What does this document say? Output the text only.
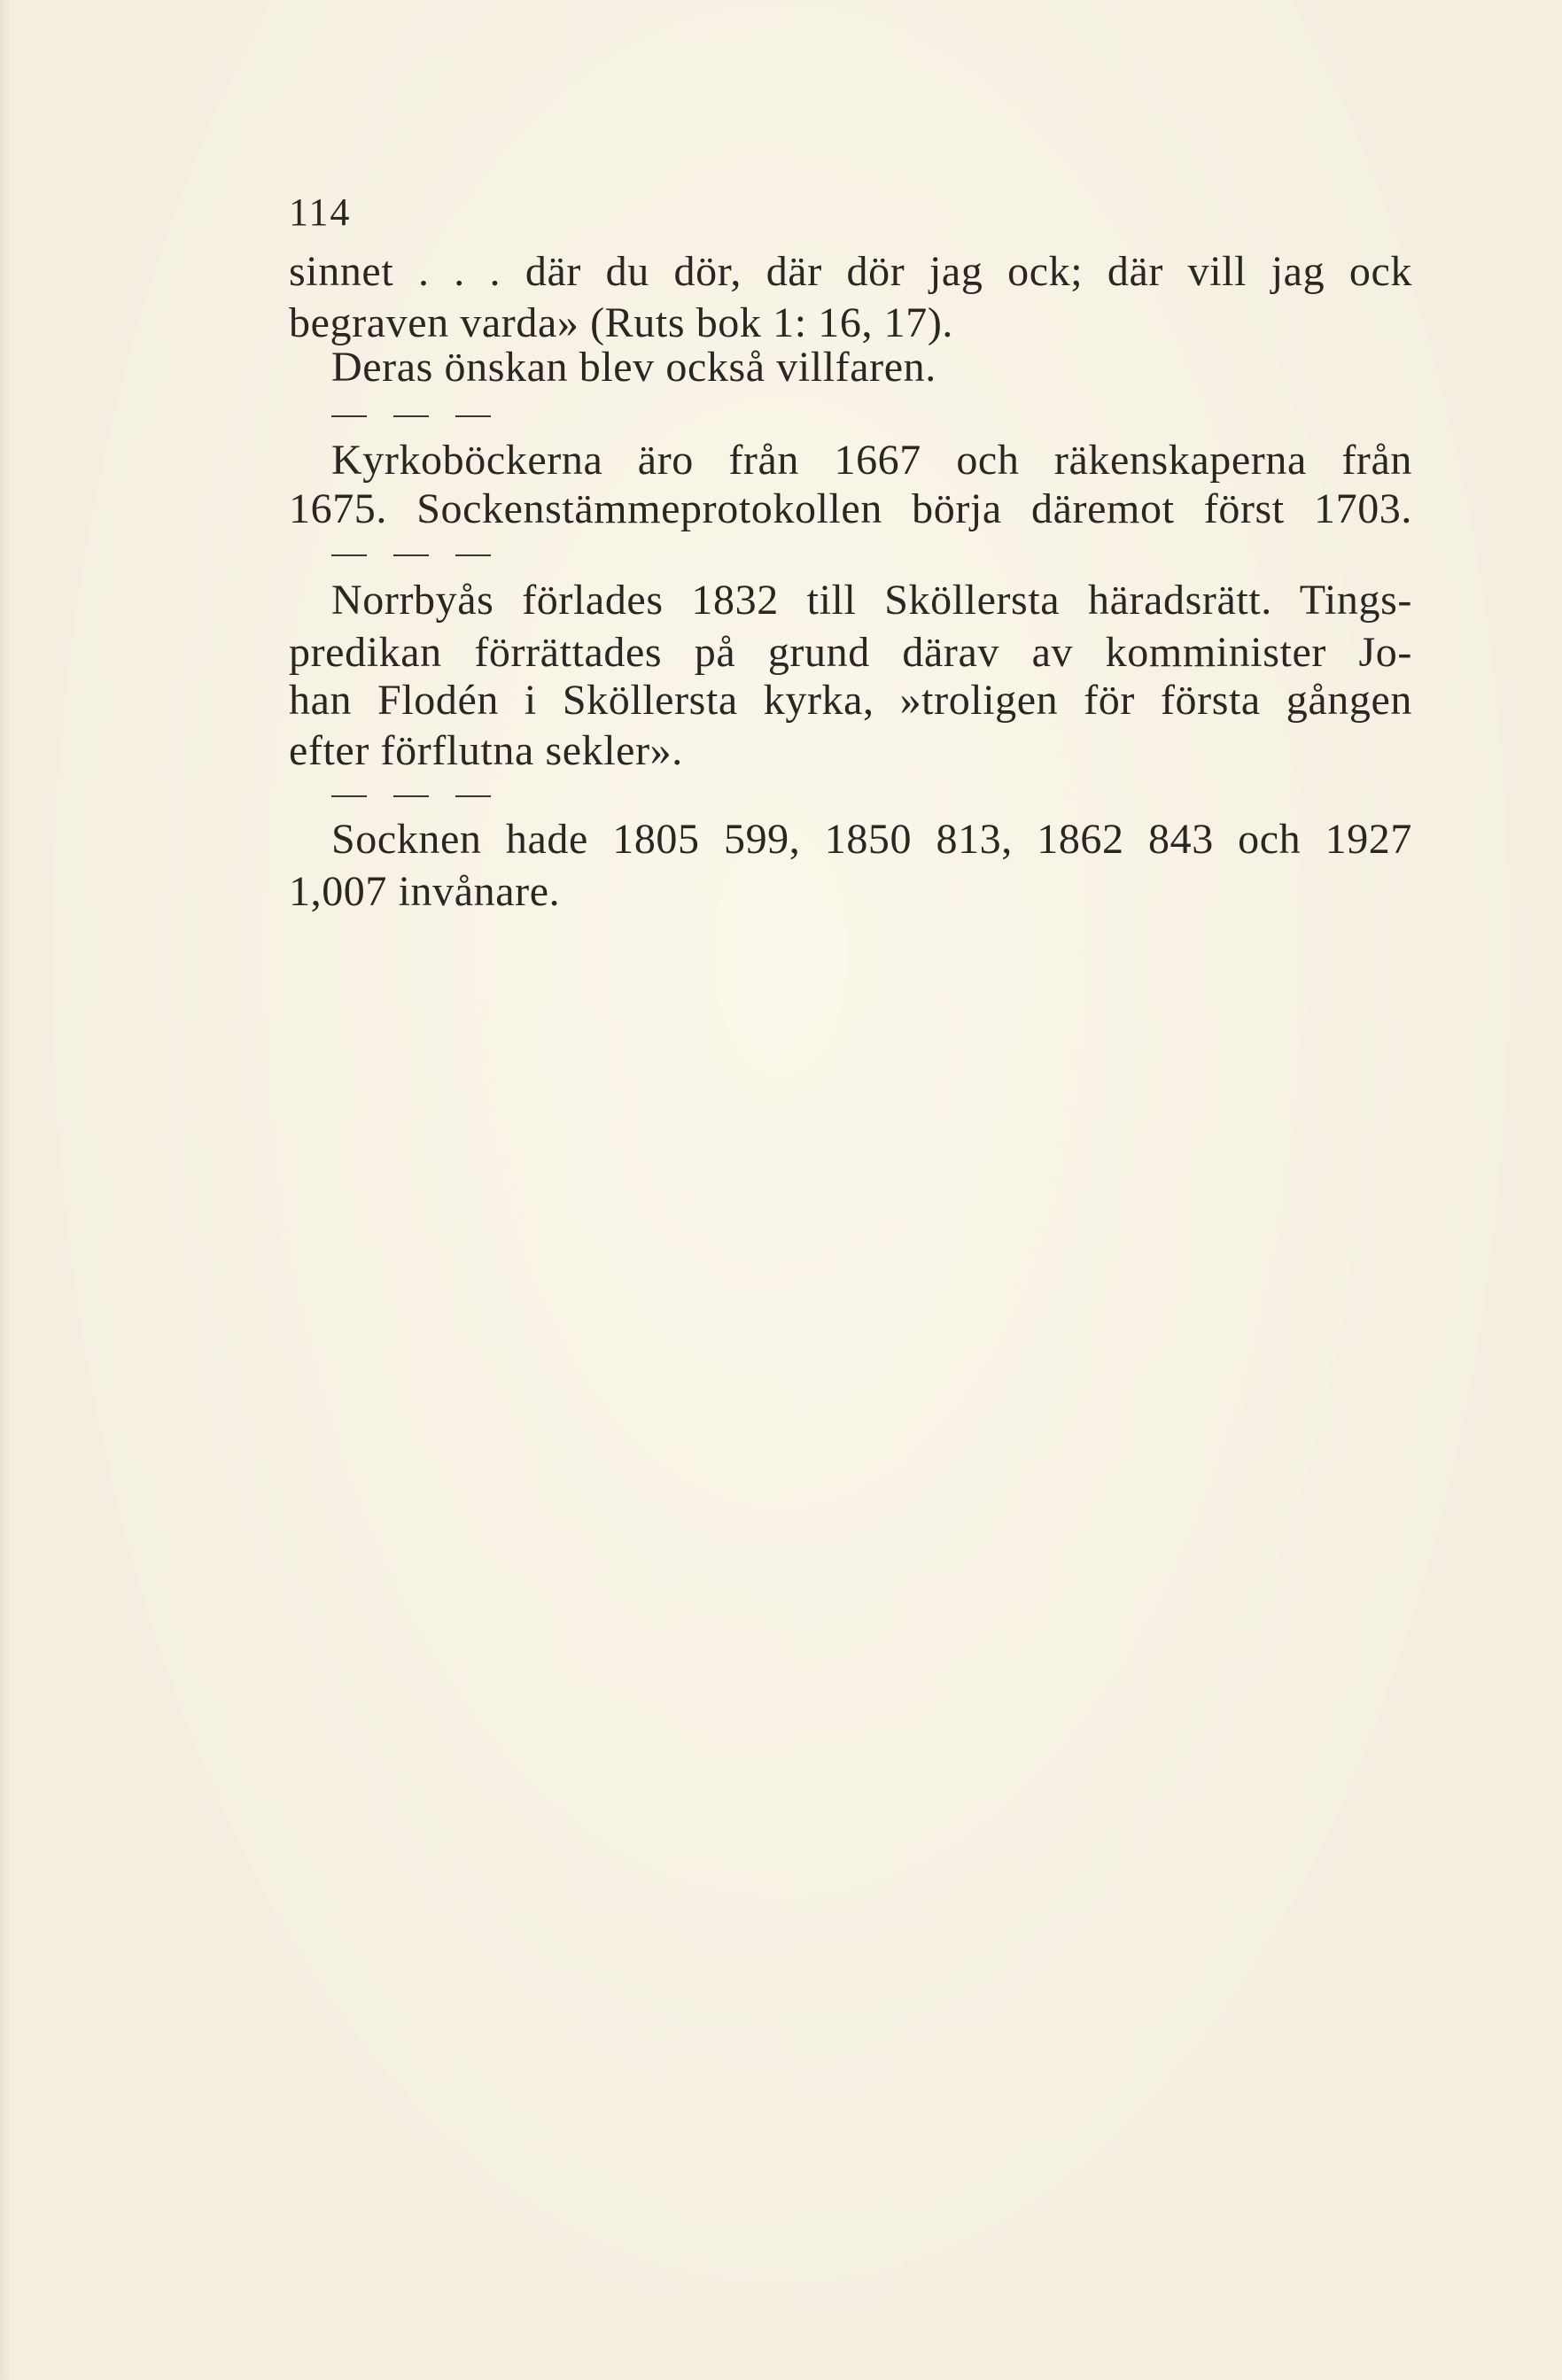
114
sinnet . . . där du dör, där dör jag ock; där vill jag ock
begraven varda» (Ruts bok 1: 16, 17).
Deras önskan blev också villfaren.
Kyrkoböckerna äro från 1667 och räkenskaperna från
1675. Sockenstämmeprotokollen börja däremot först 1703.
Norrbyås förlades 1832 till Sköllersta häradsrätt. Tings-
predikan förrättades på grund därav av komminister Jo-
han Flodén i Sköllersta kyrka, »troligen för första gången
efter förflutna sekler».
Socknen hade 1805 599, 1850 813, 1862 843 och 1927
1,007 invånare.
